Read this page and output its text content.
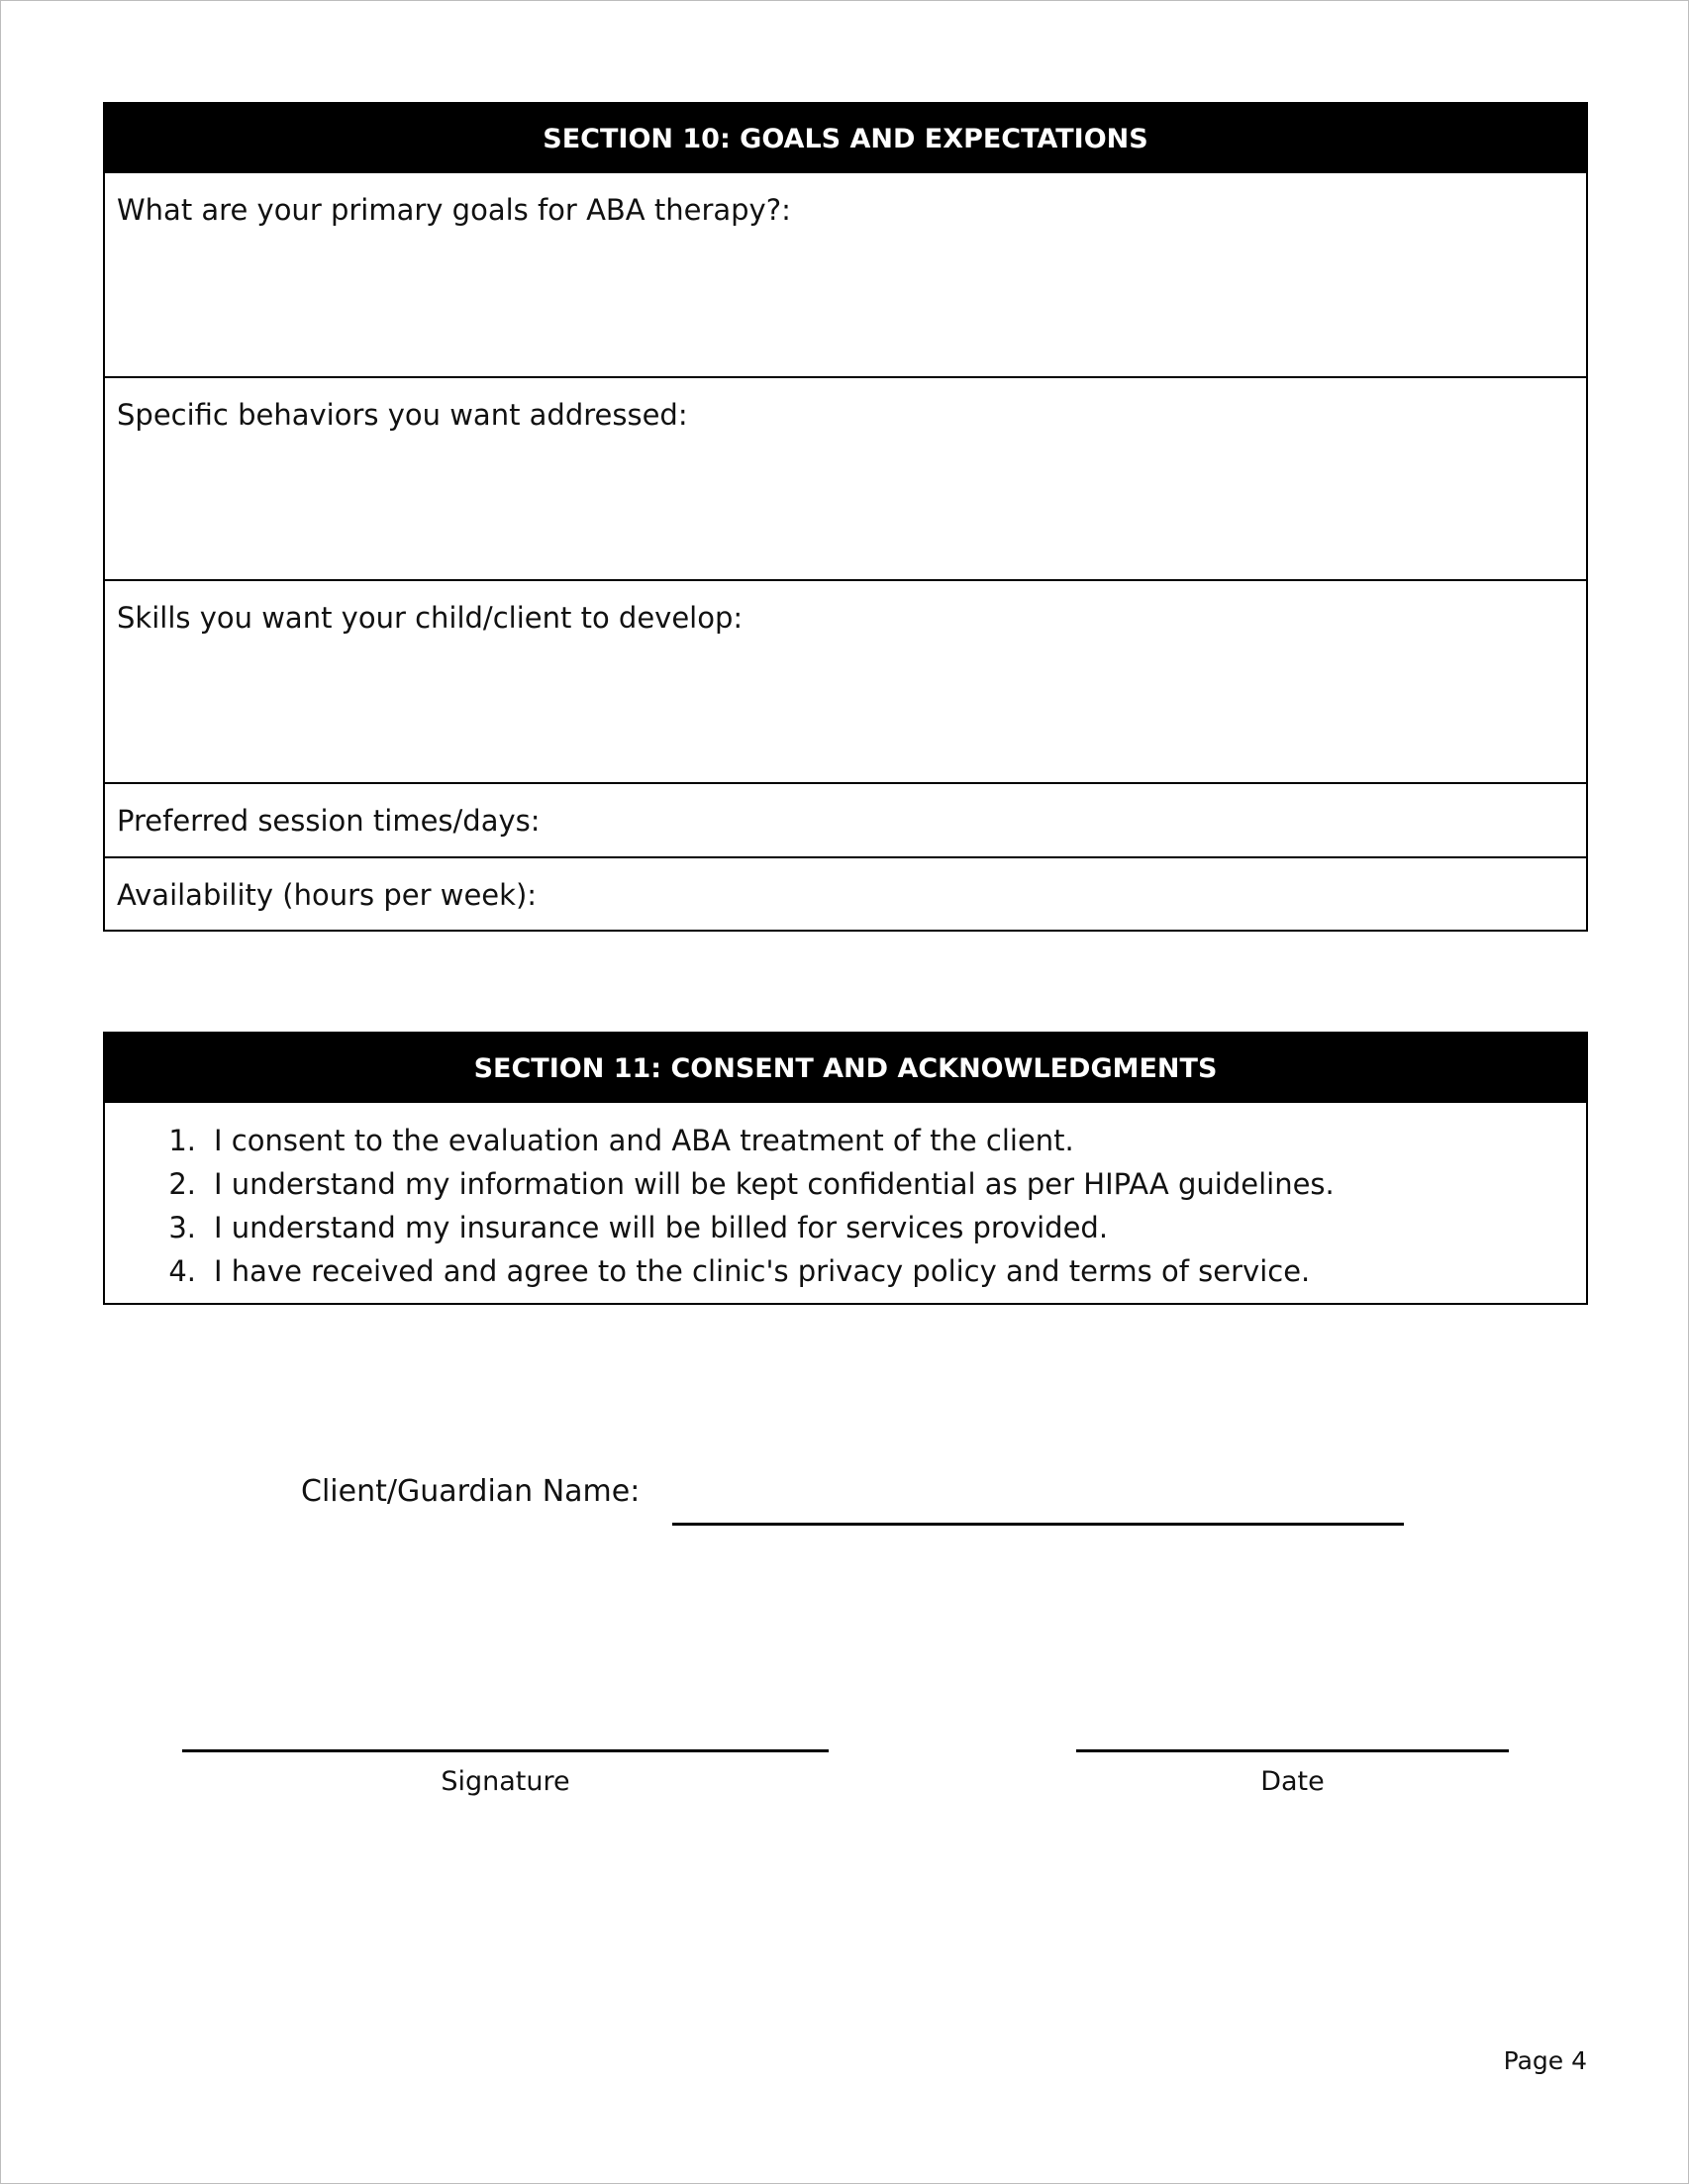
SECTION 10: GOALS AND EXPECTATIONS
What are your primary goals for ABA therapy?:
Specific behaviors you want addressed:
Skills you want your child/client to develop:
Preferred session times/days:
Availability (hours per week):
SECTION 11: CONSENT AND ACKNOWLEDGMENTS
1. I consent to the evaluation and ABA treatment of the client.
2. I understand my information will be kept confidential as per HIPAA guidelines.
3. I understand my insurance will be billed for services provided.
4. I have received and agree to the clinic's privacy policy and terms of service.
Client/Guardian Name:
Signature	Date
Page 4
